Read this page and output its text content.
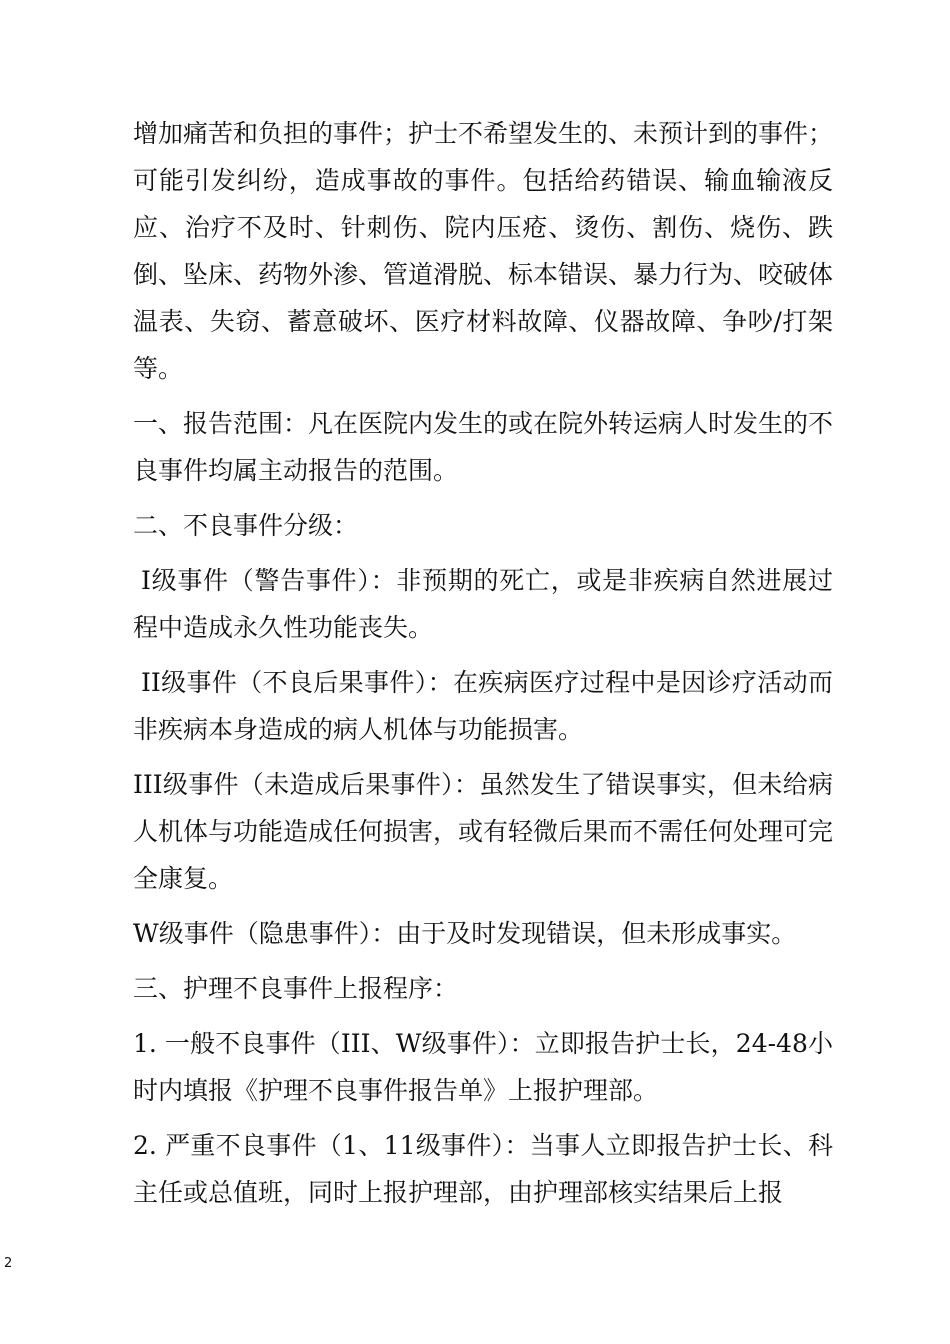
增加痛苦和负担的事件；护士不希望发生的、未预计到的事件；可能引发纠纷，造成事故的事件。包括给药错误、输血输液反应、治疗不及时、针刺伤、院内压疮、烫伤、割伤、烧伤、跌倒、坠床、药物外渗、管道滑脱、标本错误、暴力行为、咬破体温表、失窃、蓄意破坏、医疗材料故障、仪器故障、争吵/打架等。

一、报告范围：凡在医院内发生的或在院外转运病人时发生的不良事件均属主动报告的范围。

二、不良事件分级：

I级事件（警告事件）：非预期的死亡，或是非疾病自然进展过程中造成永久性功能丧失。

II级事件（不良后果事件）：在疾病医疗过程中是因诊疗活动而非疾病本身造成的病人机体与功能损害。

III级事件（未造成后果事件）：虽然发生了错误事实，但未给病人机体与功能造成任何损害，或有轻微后果而不需任何处理可完全康复。

W级事件（隐患事件）：由于及时发现错误，但未形成事实。

三、护理不良事件上报程序：

1. 一般不良事件（III、W级事件）：立即报告护士长，24-48小时内填报《护理不良事件报告单》上报护理部。

2. 严重不良事件（1、11级事件）：当事人立即报告护士长、科主任或总值班，同时上报护理部，由护理部核实结果后上报

2
